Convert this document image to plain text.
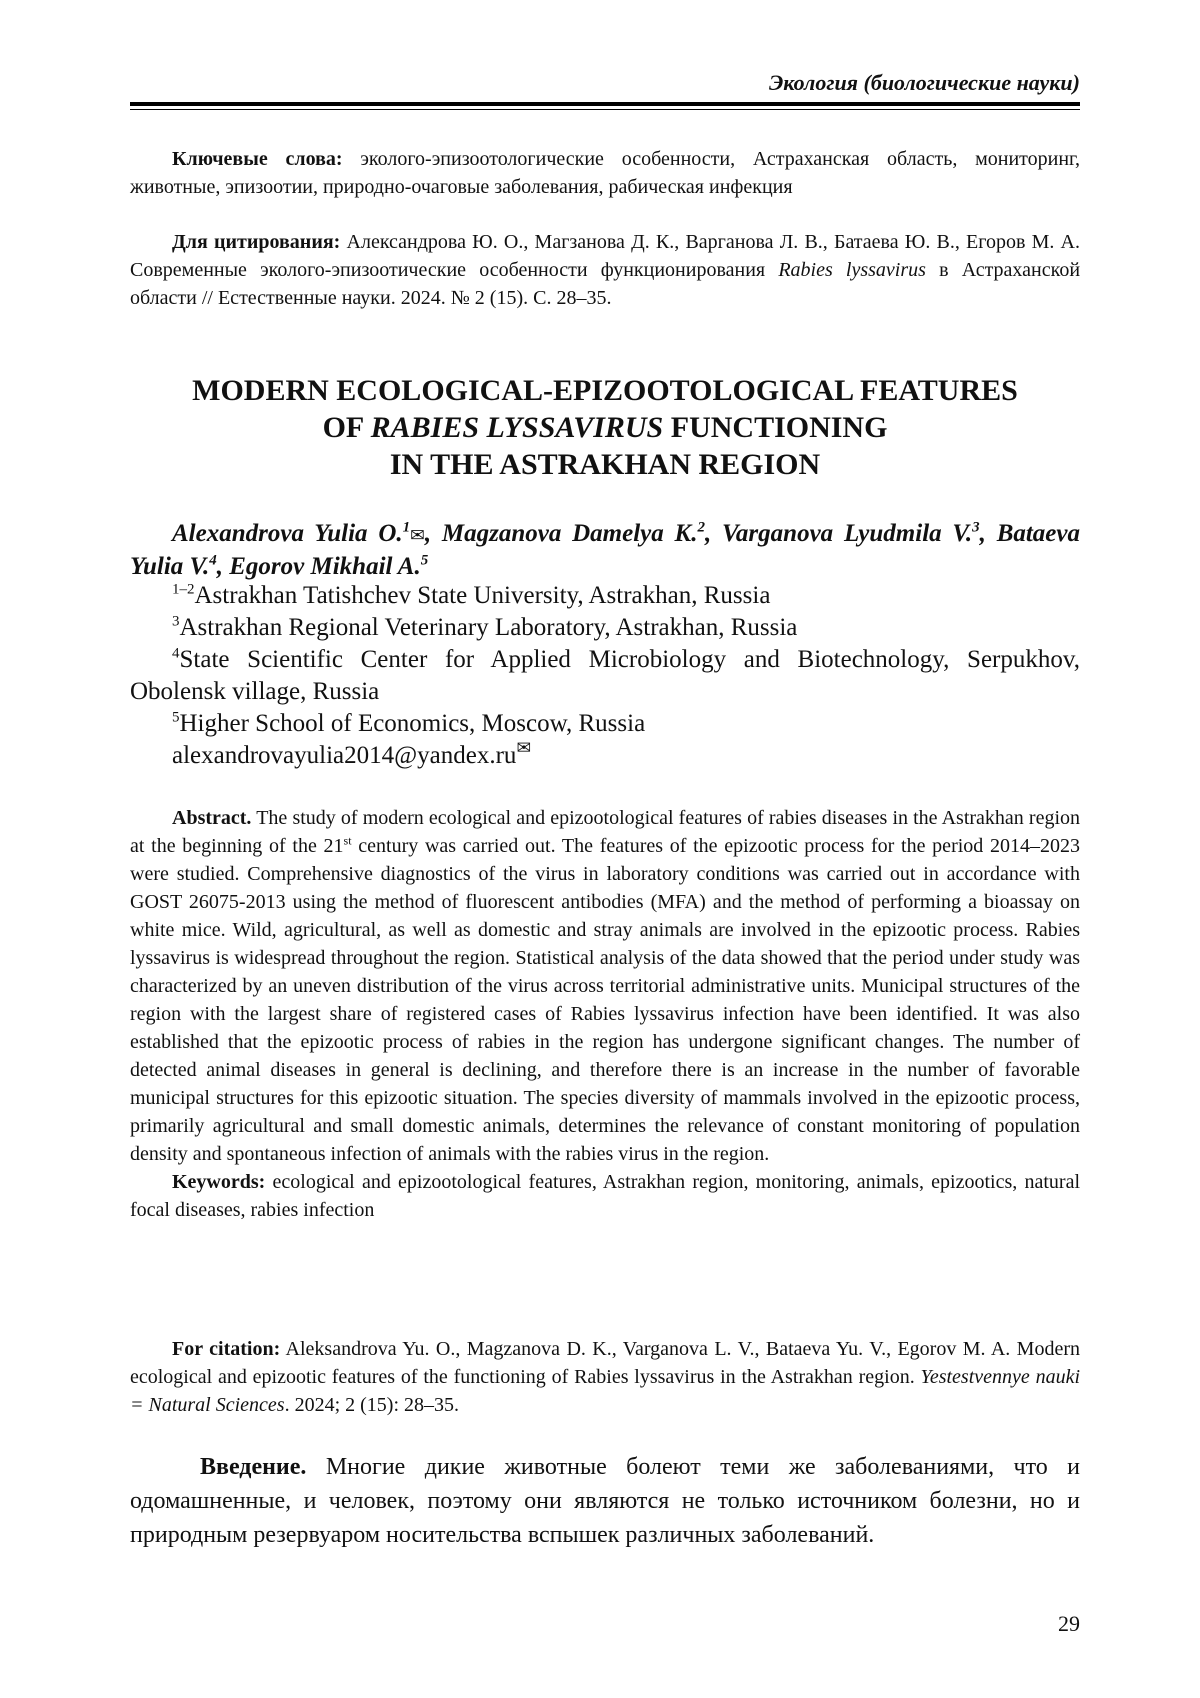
Экология (биологические науки)

Ключевые слова: эколого-эпизоотологические особенности, Астраханская область, мониторинг, животные, эпизоотии, природно-очаговые заболевания, рабическая инфекция

Для цитирования: Александрова Ю. О., Магзанова Д. К., Варганова Л. В., Батаева Ю. В., Егоров М. А. Современные эколого-эпизоотические особенности функционирования Rabies lyssavirus в Астраханской области // Естественные науки. 2024. № 2 (15). С. 28–35.

MODERN ECOLOGICAL-EPIZOOTOLOGICAL FEATURES
OF RABIES LYSSAVIRUS FUNCTIONING
IN THE ASTRAKHAN REGION
Alexandrova Yulia O.$^1$✉, Magzanova Damelya K.$^2$, Varganova Lyudmila V.$^3$, Bataeva Yulia V.$^4$, Egorov Mikhail A.$^5$
$^{1-2}$Astrakhan Tatishchev State University, Astrakhan, Russia
$^3$Astrakhan Regional Veterinary Laboratory, Astrakhan, Russia
$^4$State Scientific Center for Applied Microbiology and Biotechnology, Serpukhov, Obolensk village, Russia
$^5$Higher School of Economics, Moscow, Russia
alexandrovayulia2014@yandex.ru✉

Abstract. The study of modern ecological and epizootological features of rabies diseases in the Astrakhan region at the beginning of the 21st century was carried out. The features of the epizootic process for the period 2014–2023 were studied. Comprehensive diagnostics of the virus in laboratory conditions was carried out in accordance with GOST 26075-2013 using the method of fluorescent antibodies (MFA) and the method of performing a bioassay on white mice. Wild, agricultural, as well as domestic and stray animals are involved in the epizootic process. Rabies lyssavirus is widespread throughout the region. Statistical analysis of the data showed that the period under study was characterized by an uneven distribution of the virus across territorial administrative units. Municipal structures of the region with the largest share of registered cases of Rabies lyssavirus infection have been identified. It was also established that the epizootic process of rabies in the region has undergone significant changes. The number of detected animal diseases in general is declining, and therefore there is an increase in the number of favorable municipal structures for this epizootic situation. The species diversity of mammals involved in the epizootic process, primarily agricultural and small domestic animals, determines the relevance of constant monitoring of population density and spontaneous infection of animals with the rabies virus in the region.

Keywords: ecological and epizootological features, Astrakhan region, monitoring, animals, epizootics, natural focal diseases, rabies infection

For citation: Aleksandrova Yu. O., Magzanova D. K., Varganova L. V., Bataeva Yu. V., Egorov M. A. Modern ecological and epizootic features of the functioning of Rabies lyssavirus in the Astrakhan region. Yestestvennye nauki = Natural Sciences. 2024; 2 (15): 28–35.

Введение. Многие дикие животные болеют теми же заболеваниями, что и одомашненные, и человек, поэтому они являются не только источником болезни, но и природным резервуаром носительства вспышек различных заболеваний.

29
